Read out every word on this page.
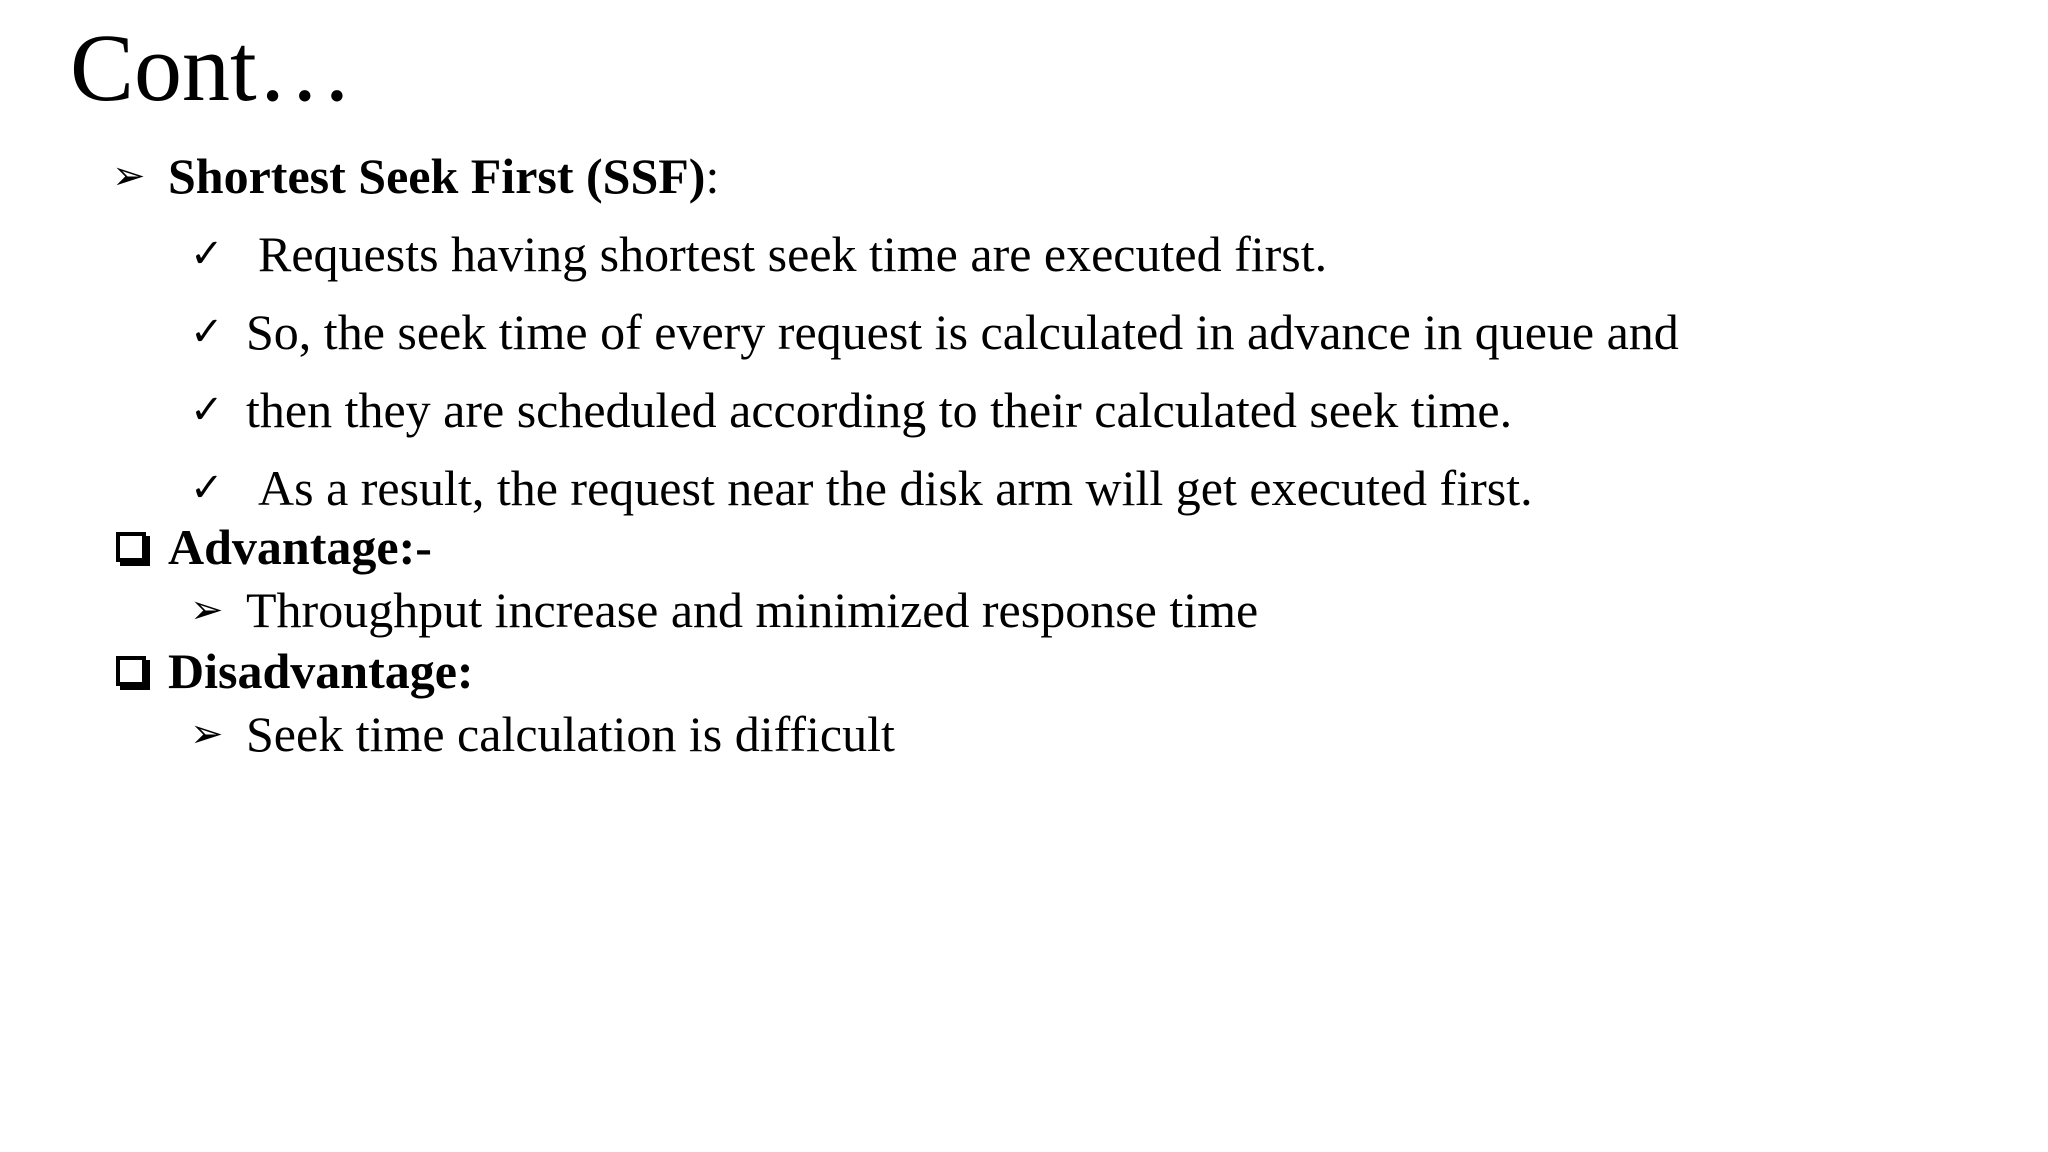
Cont…
➢ Shortest Seek First (SSF) :
✓ Requests having shortest seek time are executed first.
✓ So, the seek time of every request is calculated in advance in queue and
✓ then they are scheduled according to their calculated seek time.
✓ As a result, the request near the disk arm will get executed first.
Advantage:-
➢ Throughput increase and minimized response time
Disadvantage:
➢ Seek time calculation is difficult
